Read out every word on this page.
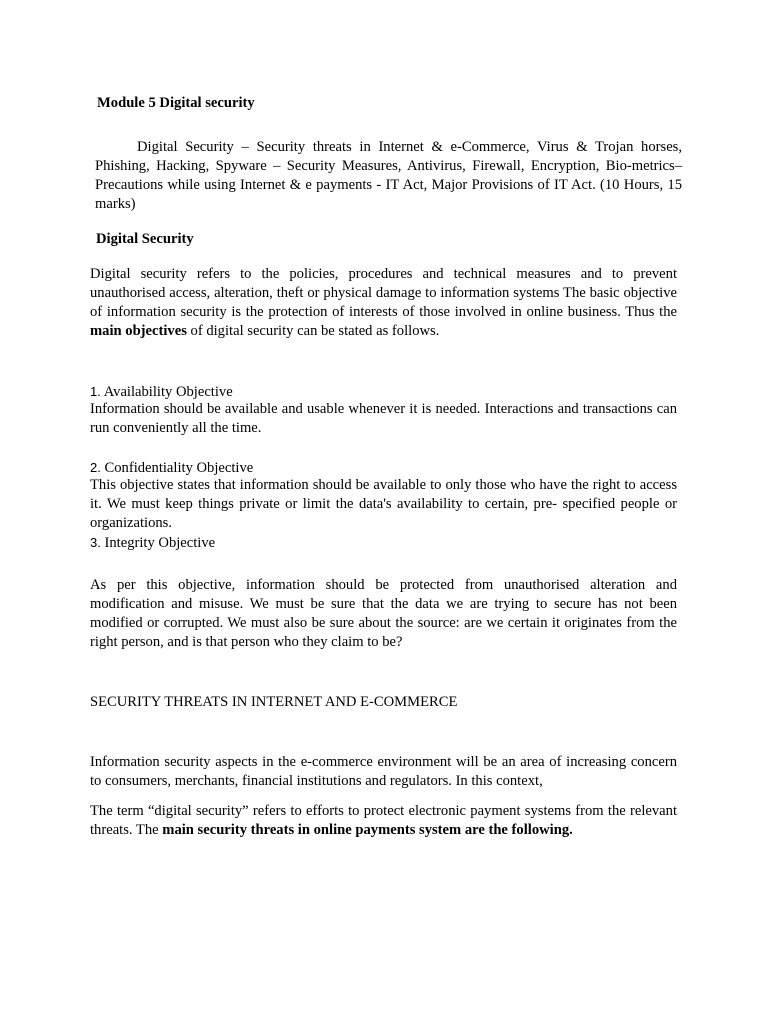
Module 5 Digital security

Digital Security – Security threats in Internet & e-Commerce, Virus & Trojan horses, Phishing, Hacking, Spyware – Security Measures, Antivirus, Firewall, Encryption, Bio-metrics– Precautions while using Internet & e payments - IT Act, Major Provisions of IT Act. (10 Hours, 15 marks)

Digital Security

Digital security refers to the policies, procedures and technical measures and to prevent unauthorised access, alteration, theft or physical damage to information systems The basic objective of information security is the protection of interests of those involved in online business. Thus the main objectives of digital security can be stated as follows.

1. Availability Objective

Information should be available and usable whenever it is needed. Interactions and transactions can run conveniently all the time.

2. Confidentiality Objective

This objective states that information should be available to only those who have the right to access it. We must keep things private or limit the data's availability to certain, pre- specified people or organizations.

3. Integrity Objective

As per this objective, information should be protected from unauthorised alteration and modification and misuse. We must be sure that the data we are trying to secure has not been modified or corrupted. We must also be sure about the source: are we certain it originates from the right person, and is that person who they claim to be?

SECURITY THREATS IN INTERNET AND E-COMMERCE

Information security aspects in the e-commerce environment will be an area of increasing concern to consumers, merchants, financial institutions and regulators. In this context,

The term “digital security” refers to efforts to protect electronic payment systems from the relevant threats. The main security threats in online payments system are the following.
